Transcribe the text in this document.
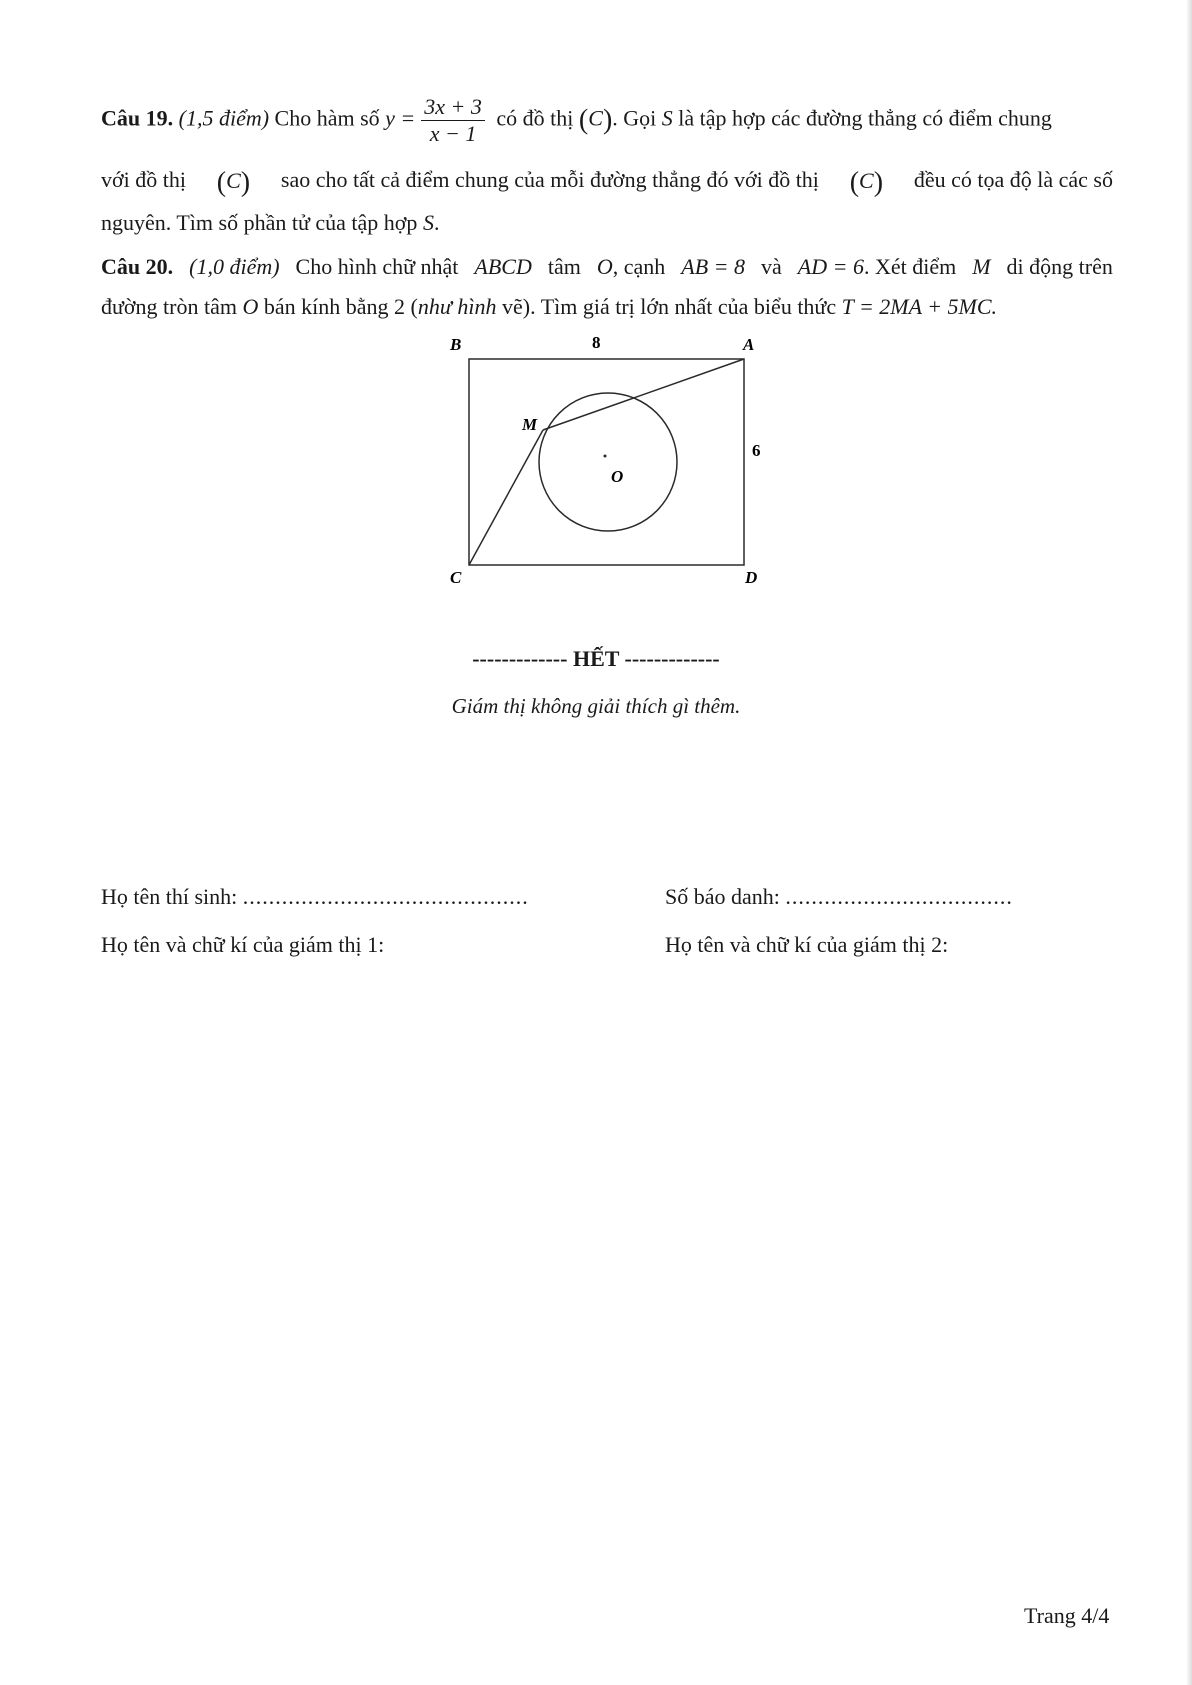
Câu 19. (1,5 điểm) Cho hàm số $y = \frac{3x + 3}{x - 1}$ có đồ thị (C). Gọi S là tập hợp các đường thẳng có điểm chung
với đồ thị (C) sao cho tất cả điểm chung của mỗi đường thẳng đó với đồ thị (C) đều có tọa độ là các số
nguyên. Tìm số phần tử của tập hợp S.
Câu 20. (1,0 điểm) Cho hình chữ nhật ABCD tâm O, cạnh AB = 8 và AD = 6. Xét điểm M di động trên
đường tròn tâm O bán kính bằng 2 (như hình vẽ). Tìm giá trị lớn nhất của biểu thức T = 2MA + 5MC.
B	A
C	D
M
O
8
6
------------- HẾT -------------
Giám thị không giải thích gì thêm.
Họ tên thí sinh: ............................................	Số báo danh: ...................................
Họ tên và chữ kí của giám thị 1:	Họ tên và chữ kí của giám thị 2:
Trang 4/4
